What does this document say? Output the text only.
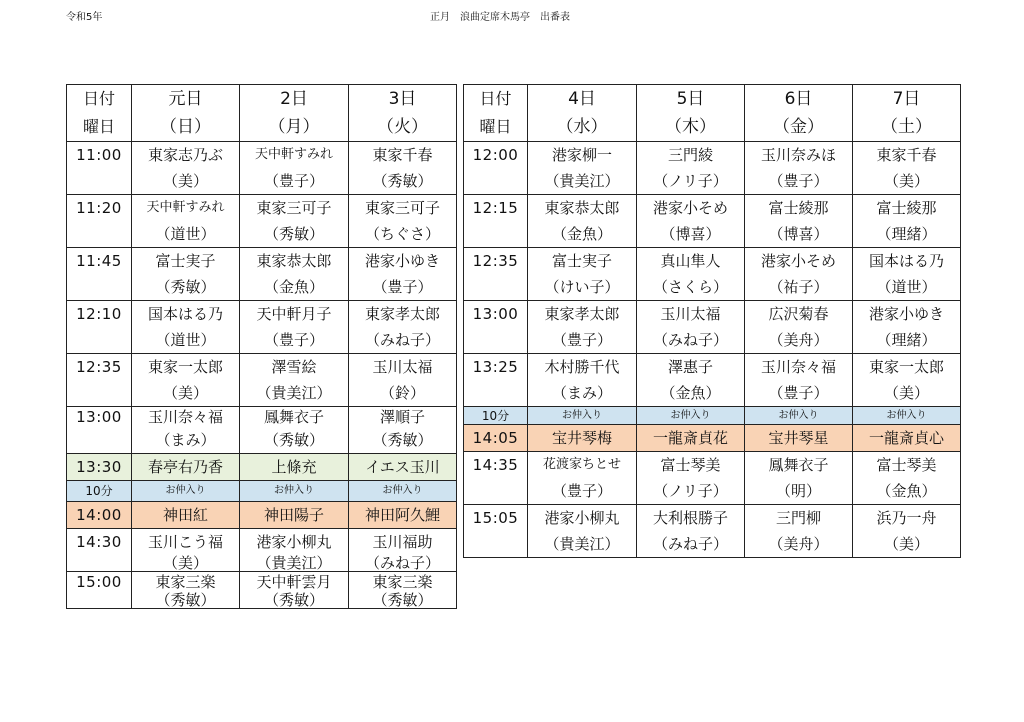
令和5年	正月　浪曲定席木馬亭　出番表
日付	元日	2日	3日
曜日	（日）	（月）	（火）
11:00	東家志乃ぶ	天中軒すみれ	東家千春
	（美）	（豊子）	（秀敏）
11:20	天中軒すみれ	東家三可子	東家三可子
	（道世）	（秀敏）	（ちぐさ）
11:45	富士実子	東家恭太郎	港家小ゆき
	（秀敏）	（金魚）	（豊子）
12:10	国本はる乃	天中軒月子	東家孝太郎
	（道世）	（豊子）	（みね子）
12:35	東家一太郎	澤雪絵	玉川太福
	（美）	（貴美江）	（鈴）
13:00	玉川奈々福	鳳舞衣子	澤順子
	（まみ）	（秀敏）	（秀敏）
13:30	春亭右乃香	上條充	イエス玉川
10分	お仲入り	お仲入り	お仲入り
14:00	神田紅	神田陽子	神田阿久鯉
14:30	玉川こう福	港家小柳丸	玉川福助
	（美）	（貴美江）	（みね子）
15:00	東家三楽	天中軒雲月	東家三楽
	（秀敏）	（秀敏）	（秀敏）
日付	4日	5日	6日	7日
曜日	（水）	（木）	（金）	（土）
12:00	港家柳一	三門綾	玉川奈みほ	東家千春
	（貴美江）	（ノリ子）	（豊子）	（美）
12:15	東家恭太郎	港家小そめ	富士綾那	富士綾那
	（金魚）	（博喜）	（博喜）	（理緒）
12:35	富士実子	真山隼人	港家小そめ	国本はる乃
	（けい子）	（さくら）	（祐子）	（道世）
13:00	東家孝太郎	玉川太福	広沢菊春	港家小ゆき
	（豊子）	（みね子）	（美舟）	（理緒）
13:25	木村勝千代	澤惠子	玉川奈々福	東家一太郎
	（まみ）	（金魚）	（豊子）	（美）
10分	お仲入り	お仲入り	お仲入り	お仲入り
14:05	宝井琴梅	一龍斎貞花	宝井琴星	一龍斎貞心
14:35	花渡家ちとせ	富士琴美	鳳舞衣子	富士琴美
	（豊子）	（ノリ子）	（明）	（金魚）
15:05	港家小柳丸	大利根勝子	三門柳	浜乃一舟
	（貴美江）	（みね子）	（美舟）	（美）
